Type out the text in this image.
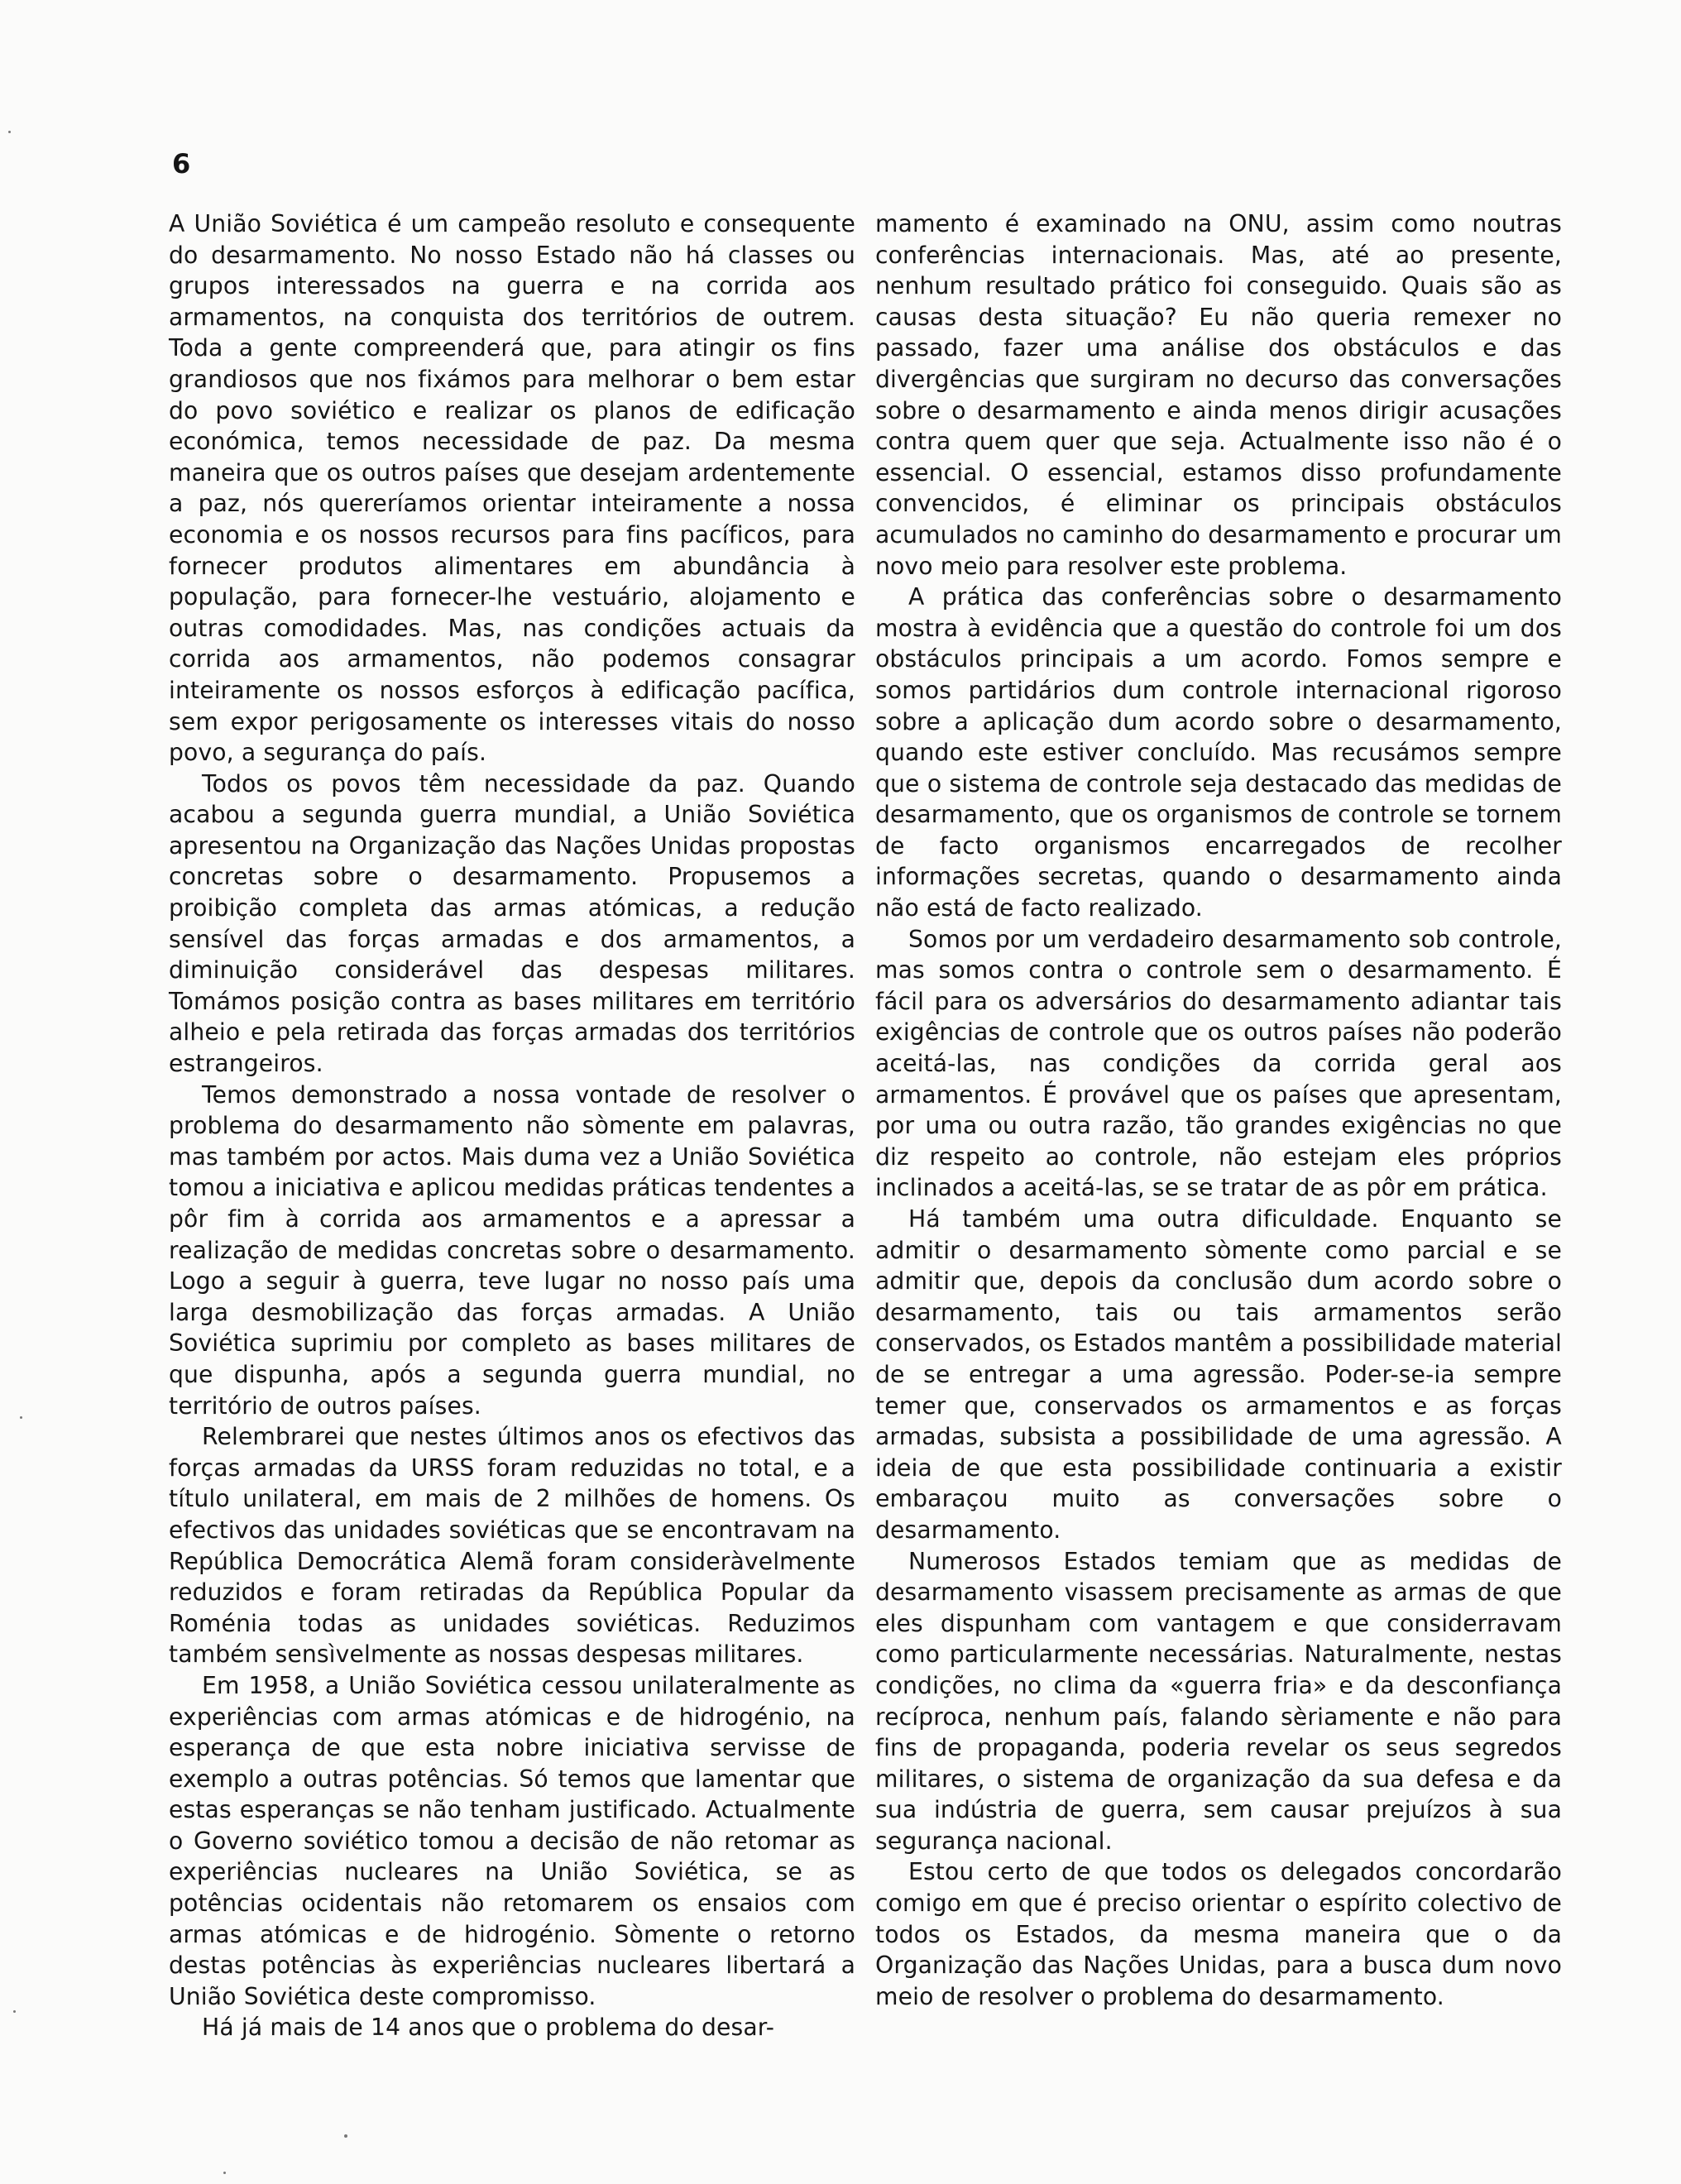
6

A União Soviética é um campeão resoluto e consequente do desarmamento. No nosso Estado não há classes ou grupos interessados na guerra e na corrida aos armamentos, na conquista dos territórios de outrem. Toda a gente compreenderá que, para atingir os fins grandiosos que nos fixámos para melhorar o bem estar do povo soviético e realizar os planos de edificação económica, temos necessidade de paz. Da mesma maneira que os outros países que desejam ardentemente a paz, nós quereríamos orientar inteiramente a nossa economia e os nossos recursos para fins pacíficos, para fornecer produtos alimentares em abundância à população, para fornecer-lhe vestuário, alojamento e outras comodidades. Mas, nas condições actuais da corrida aos armamentos, não podemos consagrar inteiramente os nossos esforços à edificação pacífica, sem expor perigosamente os interesses vitais do nosso povo, a segurança do país.

Todos os povos têm necessidade da paz. Quando acabou a segunda guerra mundial, a União Soviética apresentou na Organização das Nações Unidas propostas concretas sobre o desarmamento. Propusemos a proibição completa das armas atómicas, a redução sensível das forças armadas e dos armamentos, a diminuição considerável das despesas militares. Tomámos posição contra as bases militares em território alheio e pela retirada das forças armadas dos territórios estrangeiros.

Temos demonstrado a nossa vontade de resolver o problema do desarmamento não sòmente em palavras, mas também por actos. Mais duma vez a União Soviética tomou a iniciativa e aplicou medidas práticas tendentes a pôr fim à corrida aos armamentos e a apressar a realização de medidas concretas sobre o desarmamento. Logo a seguir à guerra, teve lugar no nosso país uma larga desmobilização das forças armadas. A União Soviética suprimiu por completo as bases militares de que dispunha, após a segunda guerra mundial, no território de outros países.

Relembrarei que nestes últimos anos os efectivos das forças armadas da URSS foram reduzidas no total, e a título unilateral, em mais de 2 milhões de homens. Os efectivos das unidades soviéticas que se encontravam na República Democrática Alemã foram consideràvelmente reduzidos e foram retiradas da República Popular da Roménia todas as unidades soviéticas. Reduzimos também sensìvelmente as nossas despesas militares.

Em 1958, a União Soviética cessou unilateralmente as experiências com armas atómicas e de hidrogénio, na esperança de que esta nobre iniciativa servisse de exemplo a outras potências. Só temos que lamentar que estas esperanças se não tenham justificado. Actualmente o Governo soviético tomou a decisão de não retomar as experiências nucleares na União Soviética, se as potências ocidentais não retomarem os ensaios com armas atómicas e de hidrogénio. Sòmente o retorno destas potências às experiências nucleares libertará a União Soviética deste compromisso.

Há já mais de 14 anos que o problema do desar-

mamento é examinado na ONU, assim como noutras conferências internacionais. Mas, até ao presente, nenhum resultado prático foi conseguido. Quais são as causas desta situação? Eu não queria remexer no passado, fazer uma análise dos obstáculos e das divergências que surgiram no decurso das conversações sobre o desarmamento e ainda menos dirigir acusações contra quem quer que seja. Actualmente isso não é o essencial. O essencial, estamos disso profundamente convencidos, é eliminar os principais obstáculos acumulados no caminho do desarmamento e procurar um novo meio para resolver este problema.

A prática das conferências sobre o desarmamento mostra à evidência que a questão do controle foi um dos obstáculos principais a um acordo. Fomos sempre e somos partidários dum controle internacional rigoroso sobre a aplicação dum acordo sobre o desarmamento, quando este estiver concluído. Mas recusámos sempre que o sistema de controle seja destacado das medidas de desarmamento, que os organismos de controle se tornem de facto organismos encarregados de recolher informações secretas, quando o desarmamento ainda não está de facto realizado.

Somos por um verdadeiro desarmamento sob controle, mas somos contra o controle sem o desarmamento. É fácil para os adversários do desarmamento adiantar tais exigências de controle que os outros países não poderão aceitá-las, nas condições da corrida geral aos armamentos. É provável que os países que apresentam, por uma ou outra razão, tão grandes exigências no que diz respeito ao controle, não estejam eles próprios inclinados a aceitá-las, se se tratar de as pôr em prática.

Há também uma outra dificuldade. Enquanto se admitir o desarmamento sòmente como parcial e se admitir que, depois da conclusão dum acordo sobre o desarmamento, tais ou tais armamentos serão conservados, os Estados mantêm a possibilidade material de se entregar a uma agressão. Poder-se-ia sempre temer que, conservados os armamentos e as forças armadas, subsista a possibilidade de uma agressão. A ideia de que esta possibilidade continuaria a existir embaraçou muito as conversações sobre o desarmamento.

Numerosos Estados temiam que as medidas de desarmamento visassem precisamente as armas de que eles dispunham com vantagem e que considerravam como particularmente necessárias. Naturalmente, nestas condições, no clima da «guerra fria» e da desconfiança recíproca, nenhum país, falando sèriamente e não para fins de propaganda, poderia revelar os seus segredos militares, o sistema de organização da sua defesa e da sua indústria de guerra, sem causar prejuízos à sua segurança nacional.

Estou certo de que todos os delegados concordarão comigo em que é preciso orientar o espírito colectivo de todos os Estados, da mesma maneira que o da Organização das Nações Unidas, para a busca dum novo meio de resolver o problema do desarmamento.
